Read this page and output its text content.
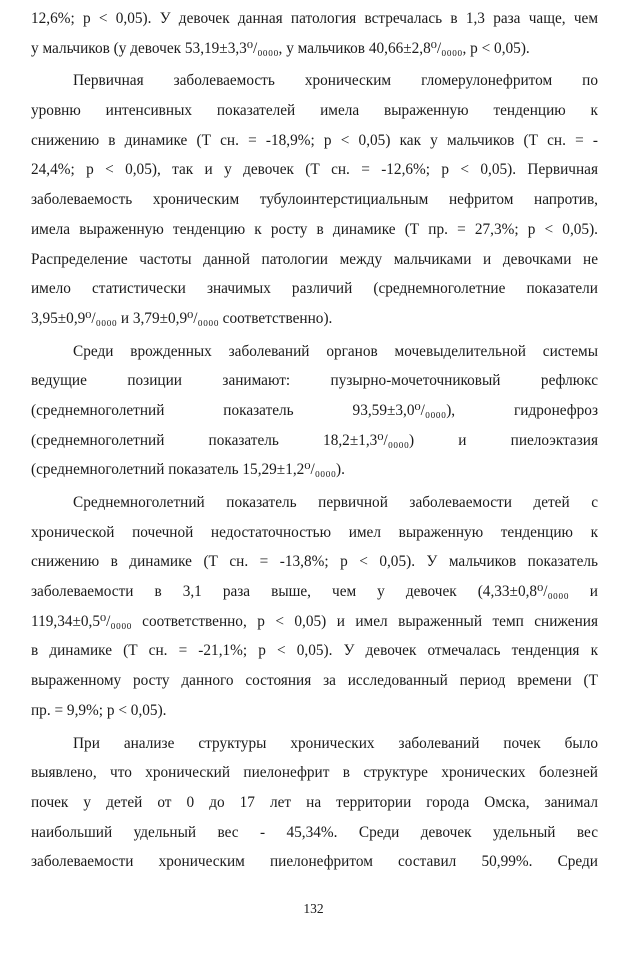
12,6%; p < 0,05). У девочек данная патология встречалась в 1,3 раза чаще, чем
у мальчиков (у девочек 53,19±3,3⁰/₀₀₀₀, у мальчиков 40,66±2,8⁰/₀₀₀₀, p < 0,05).
Первичная заболеваемость хроническим гломерулонефритом по
уровню интенсивных показателей имела выраженную тенденцию к
снижению в динамике (Т сн. = -18,9%; p < 0,05) как у мальчиков (Т сн. = -
24,4%; p < 0,05), так и у девочек (Т сн. = -12,6%; p < 0,05). Первичная
заболеваемость хроническим тубулоинтерстициальным нефритом напротив,
имела выраженную тенденцию к росту в динамике (Т пр. = 27,3%; p < 0,05).
Распределение частоты данной патологии между мальчиками и девочками не
имело статистически значимых различий (среднемноголетние показатели
3,95±0,9⁰/₀₀₀₀ и 3,79±0,9⁰/₀₀₀₀ соответственно).
Среди врожденных заболеваний органов мочевыделительной системы
ведущие позиции занимают: пузырно-мочеточниковый рефлюкс
(среднемноголетний показатель 93,59±3,0⁰/₀₀₀₀), гидронефроз
(среднемноголетний показатель 18,2±1,3⁰/₀₀₀₀) и пиелоэктазия
(среднемноголетний показатель 15,29±1,2⁰/₀₀₀₀).
Среднемноголетний показатель первичной заболеваемости детей с
хронической почечной недостаточностью имел выраженную тенденцию к
снижению в динамике (Т сн. = -13,8%; p < 0,05). У мальчиков показатель
заболеваемости в 3,1 раза выше, чем у девочек (4,33±0,8⁰/₀₀₀₀ и
119,34±0,5⁰/₀₀₀₀ соответственно, p < 0,05) и имел выраженный темп снижения
в динамике (Т сн. = -21,1%; p < 0,05). У девочек отмечалась тенденция к
выраженному росту данного состояния за исследованный период времени (Т
пр. = 9,9%; p < 0,05).
При анализе структуры хронических заболеваний почек было
выявлено, что хронический пиелонефрит в структуре хронических болезней
почек у детей от 0 до 17 лет на территории города Омска, занимал
наибольший удельный вес - 45,34%. Среди девочек удельный вес
заболеваемости хроническим пиелонефритом составил 50,99%. Среди
132
